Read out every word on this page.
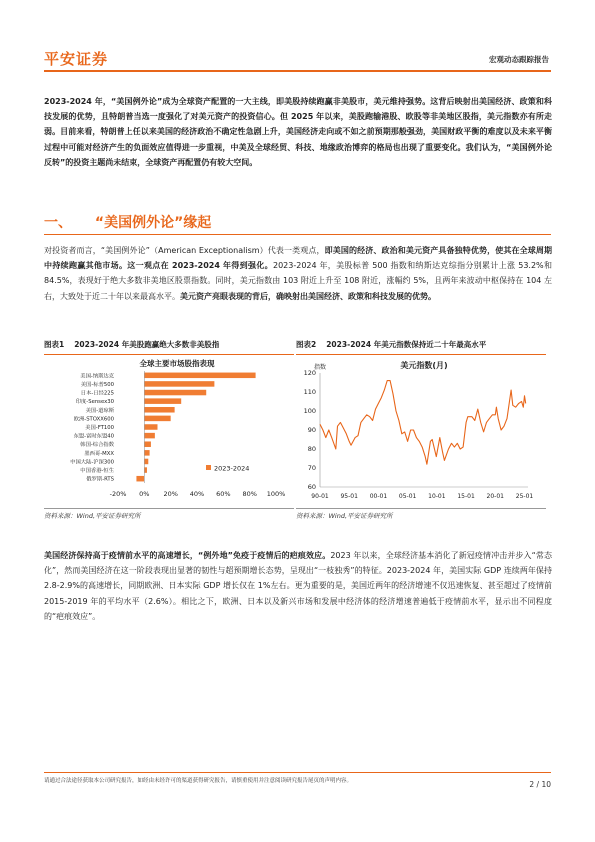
平安证券	宏观动态跟踪报告
2023-2024 年，“美国例外论”成为全球资产配置的一大主线，即美股持续跑赢非美股市，美元维持强势。这背后映射出美国经济、政策和科技发展的优势，且特朗普当选一度强化了对美元资产的投资信心。但 2025 年以来，美股跑输港股、欧股等非美地区股指，美元指数亦有所走弱。目前来看，特朗普上任以来美国的经济政治不确定性急剧上升，美国经济走向或不如之前预期那般强劲，美国财政平衡的难度以及未来平衡过程中可能对经济产生的负面效应值得进一步重视，中美及全球经贸、科技、地缘政治博弈的格局也出现了重要变化。我们认为，“美国例外论反转”的投资主题尚未结束，全球资产再配置仍有较大空间。
一、 “美国例外论”缘起
对投资者而言，“美国例外论”（American Exceptionalism）代表一类观点，即美国的经济、政治和美元资产具备独特优势，使其在全球周期中持续跑赢其他市场。这一观点在 2023-2024 年得到强化。2023-2024 年，美股标普 500 指数和纳斯达克综指分别累计上涨 53.2%和 84.5%，表现好于绝大多数非美地区股票指数。同时，美元指数由 103 附近上升至 108 附近，涨幅约 5%，且两年来波动中枢保持在 104 左右，大致处于近二十年以来最高水平。美元资产亮眼表现的背后，确映射出美国经济、政策和科技发展的优势。
图表1 2023-2024 年美股跑赢绝大多数非美股指
全球主要市场股指表现
美国-纳斯达克
美国-标普500
日本-日经225
印度-Sensex30
美国-道琼斯
欧洲-STOXX600
美国-FT100
东盟-富时东盟40
韩国-综合指数
墨西哥-MXX
中国大陆-沪深300
中国香港-恒生
俄罗斯-RTS
-20% 0% 20% 40% 60% 80% 100%
2023-2024
资料来源：Wind,平安证券研究所
图表2 2023-2024 年美元指数保持近二十年最高水平
指数	美元指数(月)
60
70
80
90
100
110
120
90-01 95-01 00-01 05-01 10-01 15-01 20-01 25-01
资料来源：Wind,平安证券研究所
美国经济保持高于疫情前水平的高速增长，“例外地”免疫于疫情后的疤痕效应。2023 年以来，全球经济基本消化了新冠疫情冲击并步入“常态化”，然而美国经济在这一阶段表现出显著的韧性与超预期增长态势，呈现出“一枝独秀”的特征。2023-2024 年，美国实际 GDP 连续两年保持 2.8-2.9%的高速增长，同期欧洲、日本实际 GDP 增长仅在 1%左右。更为重要的是，美国近两年的经济增速不仅迅速恢复、甚至超过了疫情前 2015-2019 年的平均水平（2.6%）。相比之下，欧洲、日本以及新兴市场和发展中经济体的经济增速普遍低于疫情前水平，显示出不同程度的“疤痕效应”。
请通过合法途径获取本公司研究报告，如经由未经许可的渠道获得研究报告，请慎重使用并注意阅读研究报告尾页的声明内容。	2 / 10
